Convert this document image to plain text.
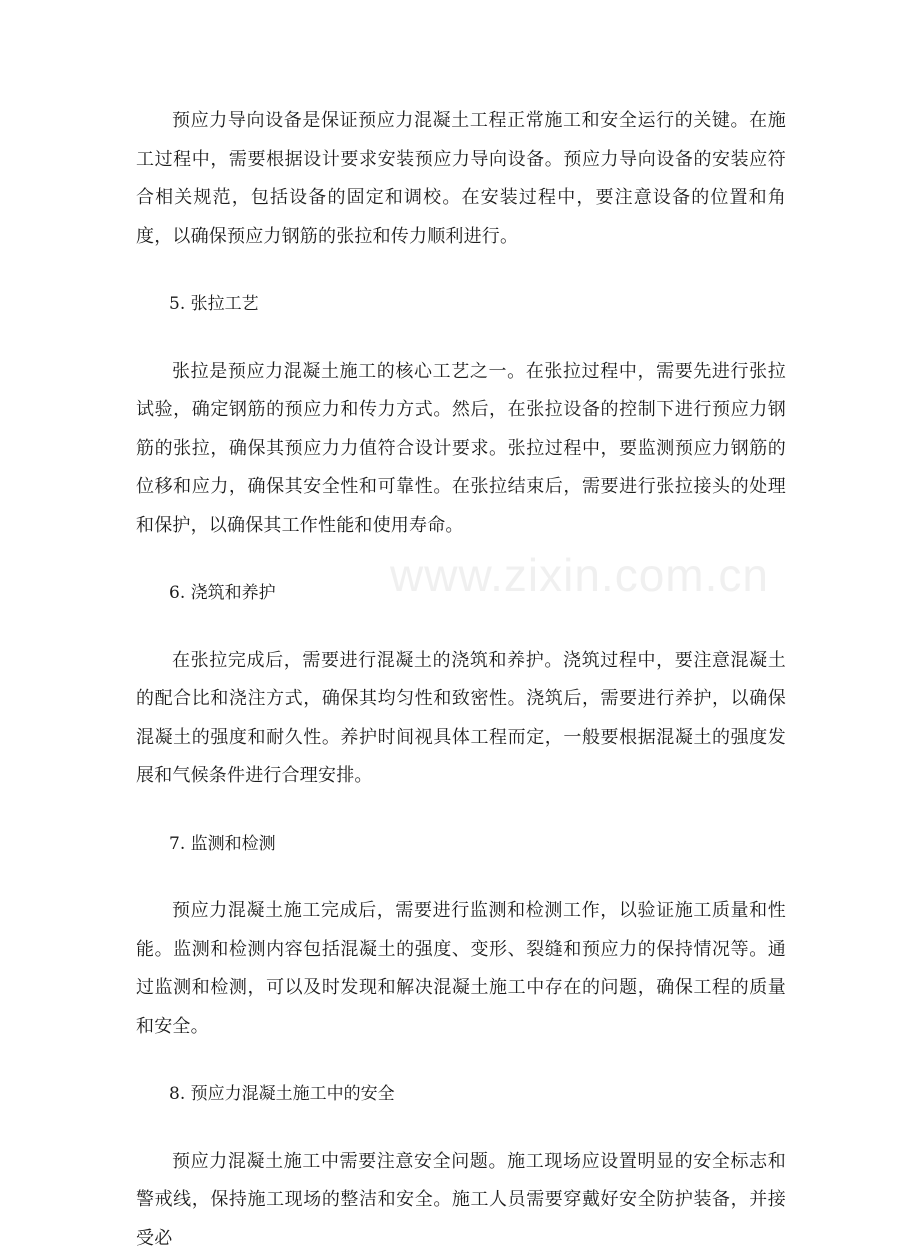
预应力导向设备是保证预应力混凝土工程正常施工和安全运行的关键。在施工过程中，需要根据设计要求安装预应力导向设备。预应力导向设备的安装应符合相关规范，包括设备的固定和调校。在安装过程中，要注意设备的位置和角度，以确保预应力钢筋的张拉和传力顺利进行。

5. 张拉工艺

张拉是预应力混凝土施工的核心工艺之一。在张拉过程中，需要先进行张拉试验，确定钢筋的预应力和传力方式。然后，在张拉设备的控制下进行预应力钢筋的张拉，确保其预应力力值符合设计要求。张拉过程中，要监测预应力钢筋的位移和应力，确保其安全性和可靠性。在张拉结束后，需要进行张拉接头的处理和保护，以确保其工作性能和使用寿命。

6. 浇筑和养护

在张拉完成后，需要进行混凝土的浇筑和养护。浇筑过程中，要注意混凝土的配合比和浇注方式，确保其均匀性和致密性。浇筑后，需要进行养护，以确保混凝土的强度和耐久性。养护时间视具体工程而定，一般要根据混凝土的强度发展和气候条件进行合理安排。

7. 监测和检测

预应力混凝土施工完成后，需要进行监测和检测工作，以验证施工质量和性能。监测和检测内容包括混凝土的强度、变形、裂缝和预应力的保持情况等。通过监测和检测，可以及时发现和解决混凝土施工中存在的问题，确保工程的质量和安全。

8. 预应力混凝土施工中的安全

预应力混凝土施工中需要注意安全问题。施工现场应设置明显的安全标志和警戒线，保持施工现场的整洁和安全。施工人员需要穿戴好安全防护装备，并接受必

www.zixin.com.cn
